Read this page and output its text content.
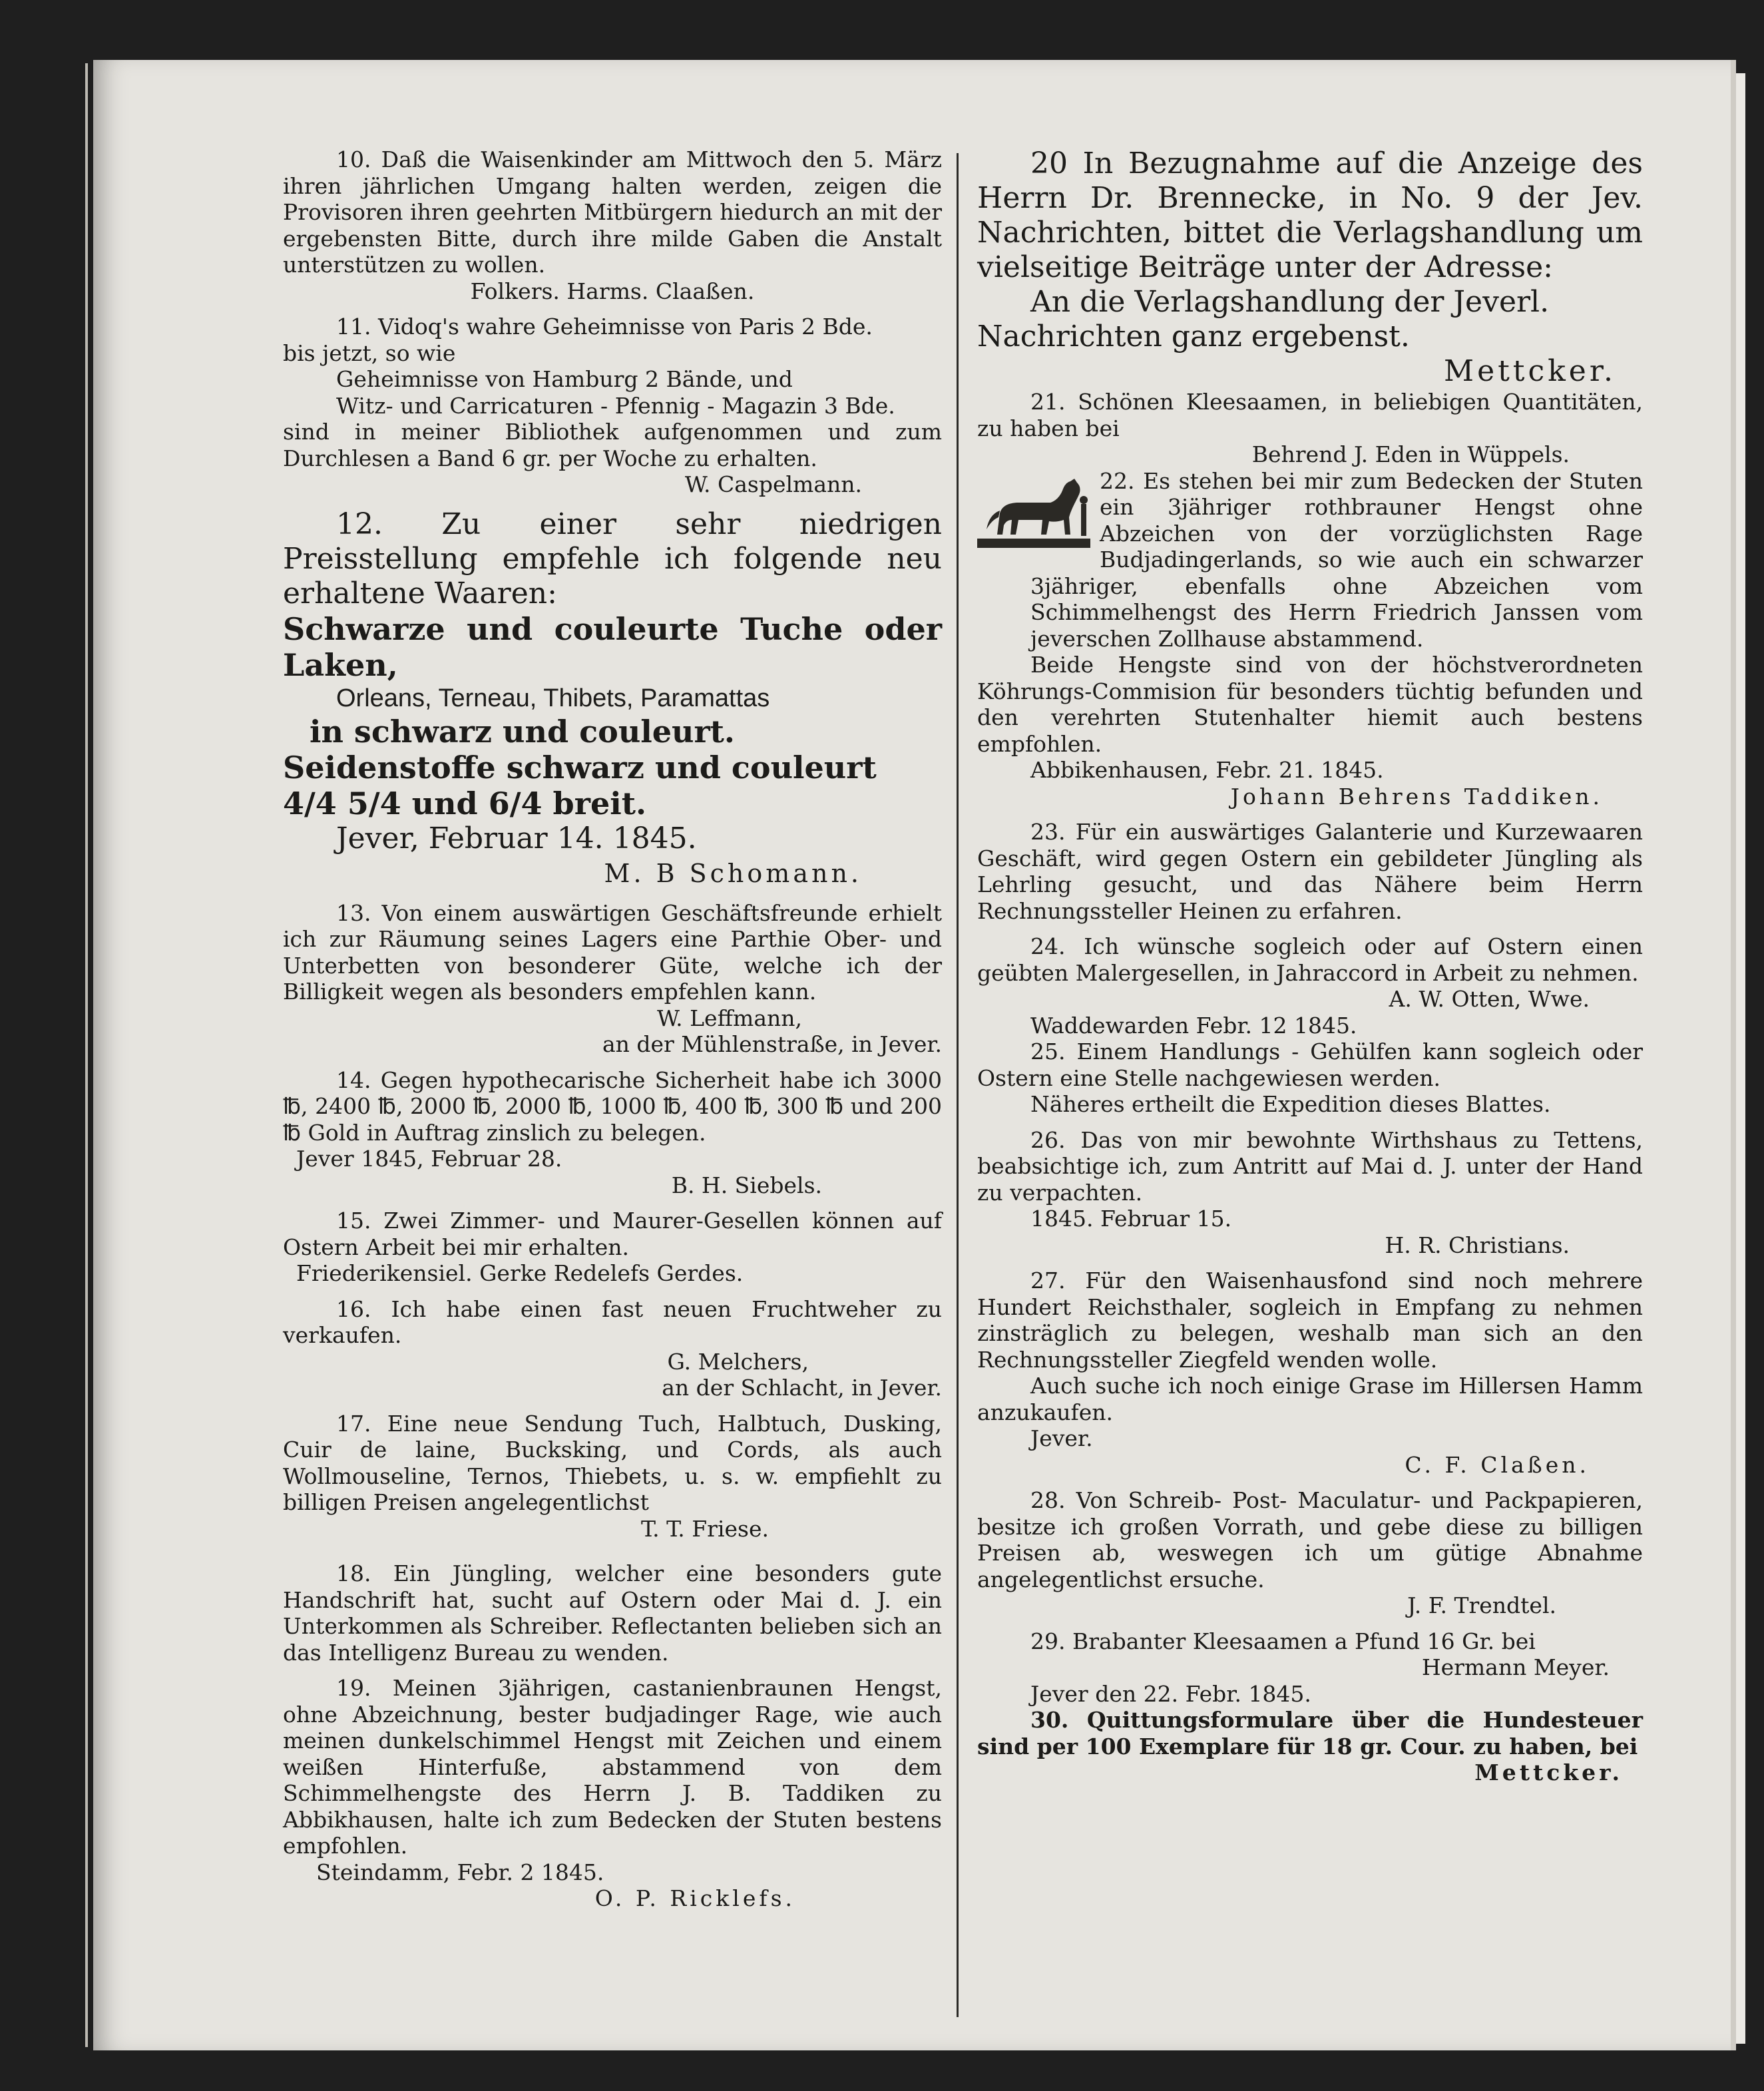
10. Daß die Waisenkinder am Mittwoch den 5. März ihren jährlichen Umgang halten werden, zeigen die Provisoren ihren geehrten Mitbürgern hiedurch an mit der ergebensten Bitte, durch ihre milde Gaben die Anstalt unterstützen zu wollen.

Folkers. Harms. Claaßen.

11. Vidoq's wahre Geheimnisse von Paris 2 Bde.

bis jetzt, so wie

Geheimnisse von Hamburg 2 Bände, und

Witz- und Carricaturen - Pfennig - Magazin 3 Bde.

sind in meiner Bibliothek aufgenommen und zum Durchlesen a Band 6 gr. per Woche zu erhalten.

W. Caspelmann.

12. Zu einer sehr niedrigen Preisstellung empfehle ich folgende neu erhaltene Waaren:

Schwarze und couleurte Tuche oder Laken,

Orleans, Terneau, Thibets, Paramattas

in schwarz und couleurt.

Seidenstoffe schwarz und couleurt

4/4 5/4 und 6/4 breit.

Jever, Februar 14. 1845.

M. B Schomann.

13. Von einem auswärtigen Geschäftsfreunde erhielt ich zur Räumung seines Lagers eine Parthie Ober- und Unterbetten von besonderer Güte, welche ich der Billigkeit wegen als besonders empfehlen kann.

W. Leffmann,

an der Mühlenstraße, in Jever.

14. Gegen hypothecarische Sicherheit habe ich 3000 ℔, 2400 ℔, 2000 ℔, 2000 ℔, 1000 ℔, 400 ℔, 300 ℔ und 200 ℔ Gold in Auftrag zinslich zu belegen.

Jever 1845, Februar 28.

B. H. Siebels.

15. Zwei Zimmer- und Maurer-Gesellen können auf Ostern Arbeit bei mir erhalten.

Friederikensiel. Gerke Redelefs Gerdes.

16. Ich habe einen fast neuen Fruchtweher zu verkaufen.

G. Melchers,

an der Schlacht, in Jever.

17. Eine neue Sendung Tuch, Halbtuch, Dusking, Cuir de laine, Bucksking, und Cords, als auch Wollmouseline, Ternos, Thiebets, u. s. w. empfiehlt zu billigen Preisen angelegentlichst

T. T. Friese.

18. Ein Jüngling, welcher eine besonders gute Handschrift hat, sucht auf Ostern oder Mai d. J. ein Unterkommen als Schreiber. Reflectanten belieben sich an das Intelligenz Bureau zu wenden.

19. Meinen 3jährigen, castanienbraunen Hengst, ohne Abzeichnung, bester budjadinger Rage, wie auch meinen dunkelschimmel Hengst mit Zeichen und einem weißen Hinterfuße, abstammend von dem Schimmelhengste des Herrn J. B. Taddiken zu Abbikhausen, halte ich zum Bedecken der Stuten bestens empfohlen.

Steindamm, Febr. 2 1845.

O. P. Ricklefs.

20 In Bezugnahme auf die Anzeige des Herrn Dr. Brennecke, in No. 9 der Jev. Nachrichten, bittet die Verlagshandlung um vielseitige Beiträge unter der Adresse:

An die Verlagshandlung der Jeverl.

Nachrichten ganz ergebenst.

Mettcker.

21. Schönen Kleesaamen, in beliebigen Quantitäten, zu haben bei

Behrend J. Eden in Wüppels.

22. Es stehen bei mir zum Bedecken der Stuten ein 3jähriger rothbrauner Hengst ohne Abzeichen von der vorzüglichsten Rage Budjadingerlands, so wie auch ein schwarzer 3jähriger, ebenfalls ohne Abzeichen vom Schimmelhengst des Herrn Friedrich Janssen vom jeverschen Zollhause abstammend.

Beide Hengste sind von der höchstverordneten Köhrungs-Commision für besonders tüchtig befunden und den verehrten Stutenhalter hiemit auch bestens empfohlen.

Abbikenhausen, Febr. 21. 1845.

Johann Behrens Taddiken.

23. Für ein auswärtiges Galanterie und Kurzewaaren Geschäft, wird gegen Ostern ein gebildeter Jüngling als Lehrling gesucht, und das Nähere beim Herrn Rechnungssteller Heinen zu erfahren.

24. Ich wünsche sogleich oder auf Ostern einen geübten Malergesellen, in Jahraccord in Arbeit zu nehmen.

A. W. Otten, Wwe.

Waddewarden Febr. 12 1845.

25. Einem Handlungs - Gehülfen kann sogleich oder Ostern eine Stelle nachgewiesen werden.

Näheres ertheilt die Expedition dieses Blattes.

26. Das von mir bewohnte Wirthshaus zu Tettens, beabsichtige ich, zum Antritt auf Mai d. J. unter der Hand zu verpachten.

1845. Februar 15.

H. R. Christians.

27. Für den Waisenhausfond sind noch mehrere Hundert Reichsthaler, sogleich in Empfang zu nehmen zinsträglich zu belegen, weshalb man sich an den Rechnungssteller Ziegfeld wenden wolle.

Auch suche ich noch einige Grase im Hillersen Hamm anzukaufen.

Jever.

C. F. Claßen.

28. Von Schreib- Post- Maculatur- und Packpapieren, besitze ich großen Vorrath, und gebe diese zu billigen Preisen ab, weswegen ich um gütige Abnahme angelegentlichst ersuche.

J. F. Trendtel.

29. Brabanter Kleesaamen a Pfund 16 Gr. bei

Hermann Meyer.

Jever den 22. Febr. 1845.

30. Quittungsformulare über die Hundesteuer sind per 100 Exemplare für 18 gr. Cour. zu haben, bei

Mettcker.
